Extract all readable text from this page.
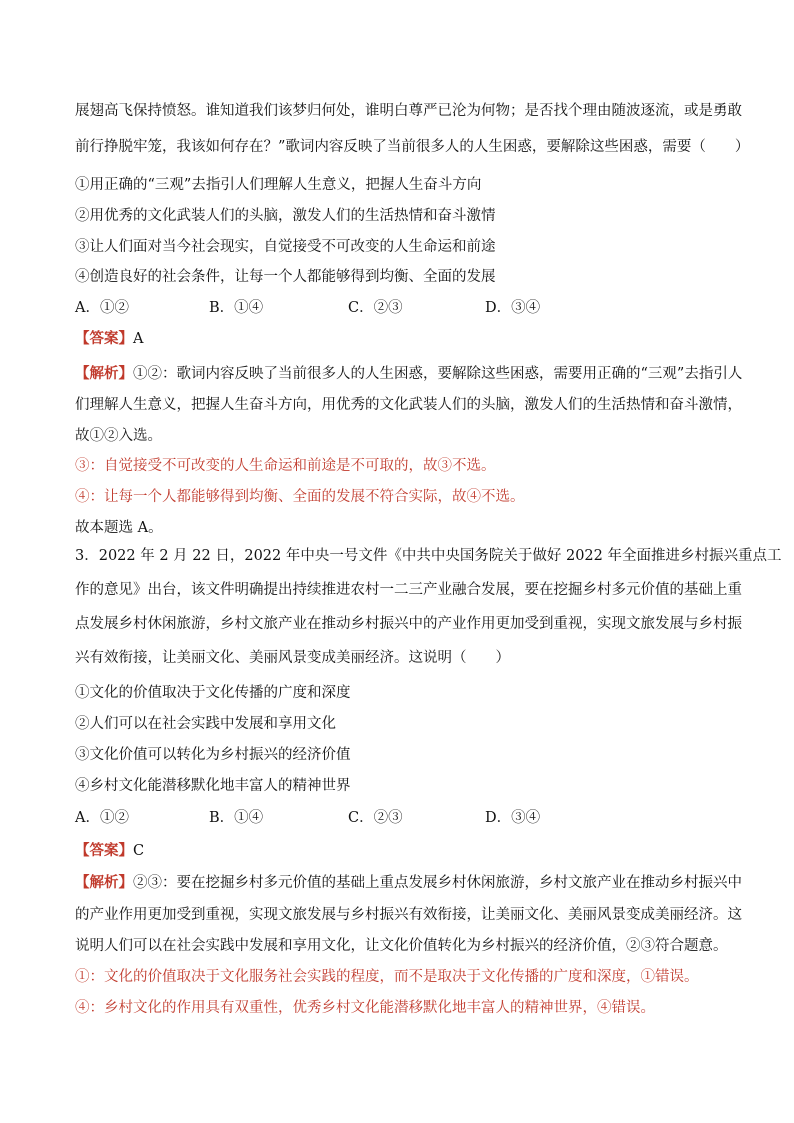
展翅高飞保持愤怒。谁知道我们该梦归何处，谁明白尊严已沦为何物；是否找个理由随波逐流，或是勇敢
前行挣脱牢笼，我该如何存在？”歌词内容反映了当前很多人的人生困惑，要解除这些困惑，需要（　　）
①用正确的“三观”去指引人们理解人生意义，把握人生奋斗方向
②用优秀的文化武装人们的头脑，激发人们的生活热情和奋斗激情
③让人们面对当今社会现实，自觉接受不可改变的人生命运和前途
④创造良好的社会条件，让每一个人都能够得到均衡、全面的发展
A．①②	B．①④	C．②③	D．③④
【答案】A
【解析】①②：歌词内容反映了当前很多人的人生困惑，要解除这些困惑，需要用正确的“三观”去指引人
们理解人生意义，把握人生奋斗方向，用优秀的文化武装人们的头脑，激发人们的生活热情和奋斗激情，
故①②入选。
③：自觉接受不可改变的人生命运和前途是不可取的，故③不选。
④：让每一个人都能够得到均衡、全面的发展不符合实际，故④不选。
故本题选 A。
3．2022 年 2 月 22 日，2022 年中央一号文件《中共中央国务院关于做好 2022 年全面推进乡村振兴重点工
作的意见》出台，该文件明确提出持续推进农村一二三产业融合发展，要在挖掘乡村多元价值的基础上重
点发展乡村休闲旅游，乡村文旅产业在推动乡村振兴中的产业作用更加受到重视，实现文旅发展与乡村振
兴有效衔接，让美丽文化、美丽风景变成美丽经济。这说明（　　）
①文化的价值取决于文化传播的广度和深度
②人们可以在社会实践中发展和享用文化
③文化价值可以转化为乡村振兴的经济价值
④乡村文化能潜移默化地丰富人的精神世界
A．①②	B．①④	C．②③	D．③④
【答案】C
【解析】②③：要在挖掘乡村多元价值的基础上重点发展乡村休闲旅游，乡村文旅产业在推动乡村振兴中
的产业作用更加受到重视，实现文旅发展与乡村振兴有效衔接，让美丽文化、美丽风景变成美丽经济。这
说明人们可以在社会实践中发展和享用文化，让文化价值转化为乡村振兴的经济价值，②③符合题意。
①：文化的价值取决于文化服务社会实践的程度，而不是取决于文化传播的广度和深度，①错误。
④：乡村文化的作用具有双重性，优秀乡村文化能潜移默化地丰富人的精神世界，④错误。
